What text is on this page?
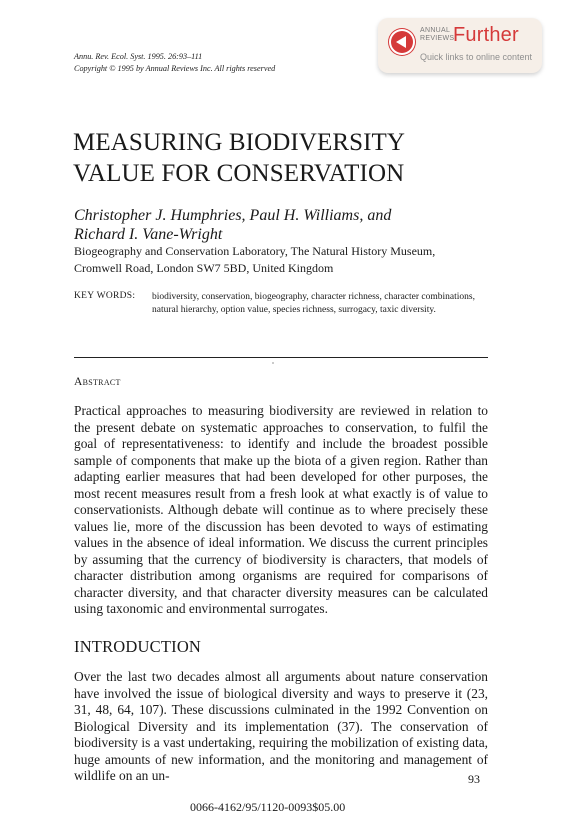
ANNUAL
REVIEWS
Further
Quick links to online content
Annu. Rev. Ecol. Syst. 1995. 26:93–111
Copyright © 1995 by Annual Reviews Inc. All rights reserved
MEASURING BIODIVERSITY
VALUE FOR CONSERVATION
Christopher J. Humphries, Paul H. Williams, and
Richard I. Vane-Wright
Biogeography and Conservation Laboratory, The Natural History Museum,
Cromwell Road, London SW7 5BD, United Kingdom
KEY WORDS: biodiversity, conservation, biogeography, character richness, character combinations, natural hierarchy, option value, species richness, surrogacy, taxic diversity.
Abstract

Practical approaches to measuring biodiversity are reviewed in relation to the present debate on systematic approaches to conservation, to fulfil the goal of representativeness: to identify and include the broadest possible sample of components that make up the biota of a given region. Rather than adapting earlier measures that had been developed for other purposes, the most recent measures result from a fresh look at what exactly is of value to conservationists. Although debate will continue as to where precisely these values lie, more of the discussion has been devoted to ways of estimating values in the absence of ideal information. We discuss the current principles by assuming that the currency of biodiversity is characters, that models of character distribution among organisms are required for comparisons of character diversity, and that character diversity measures can be calculated using taxonomic and environmental surrogates.

INTRODUCTION

Over the last two decades almost all arguments about nature conservation have involved the issue of biological diversity and ways to preserve it (23, 31, 48, 64, 107). These discussions culminated in the 1992 Convention on Biological Diversity and its implementation (37). The conservation of biodiversity is a vast undertaking, requiring the mobilization of existing data, huge amounts of new information, and the monitoring and management of wildlife on an un-	93
0066-4162/95/1120-0093$05.00
